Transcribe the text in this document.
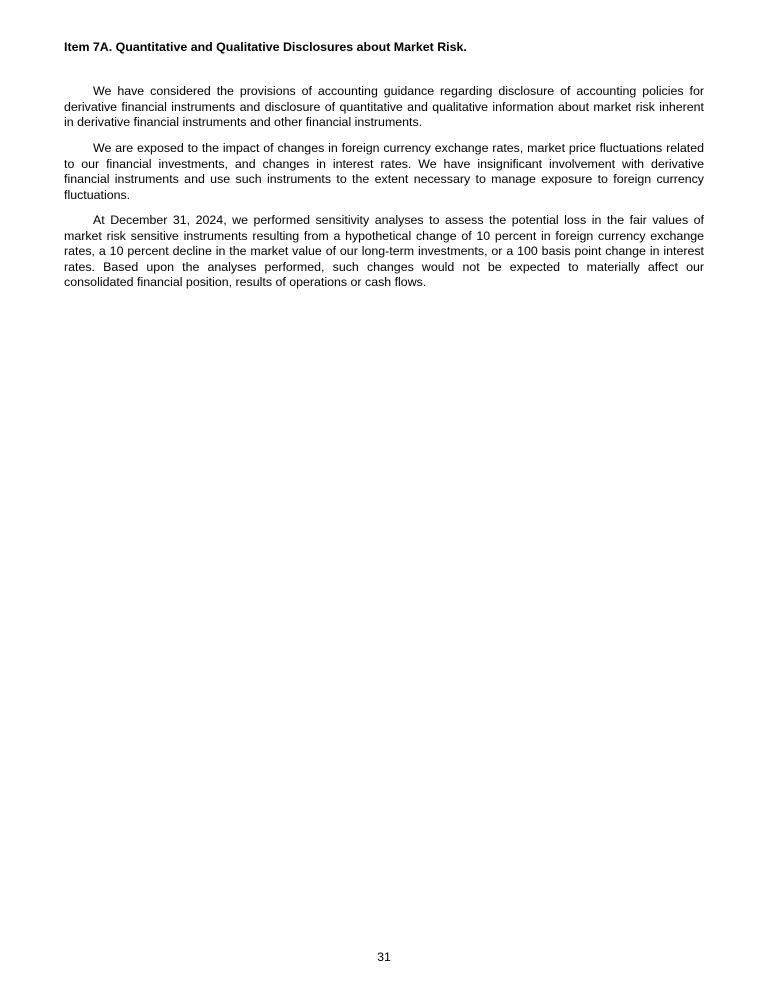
Item 7A. Quantitative and Qualitative Disclosures about Market Risk.

We have considered the provisions of accounting guidance regarding disclosure of accounting policies for derivative financial instruments and disclosure of quantitative and qualitative information about market risk inherent in derivative financial instruments and other financial instruments.

We are exposed to the impact of changes in foreign currency exchange rates, market price fluctuations related to our financial investments, and changes in interest rates. We have insignificant involvement with derivative financial instruments and use such instruments to the extent necessary to manage exposure to foreign currency fluctuations.

At December 31, 2024, we performed sensitivity analyses to assess the potential loss in the fair values of market risk sensitive instruments resulting from a hypothetical change of 10 percent in foreign currency exchange rates, a 10 percent decline in the market value of our long-term investments, or a 100 basis point change in interest rates. Based upon the analyses performed, such changes would not be expected to materially affect our consolidated financial position, results of operations or cash flows.

31
